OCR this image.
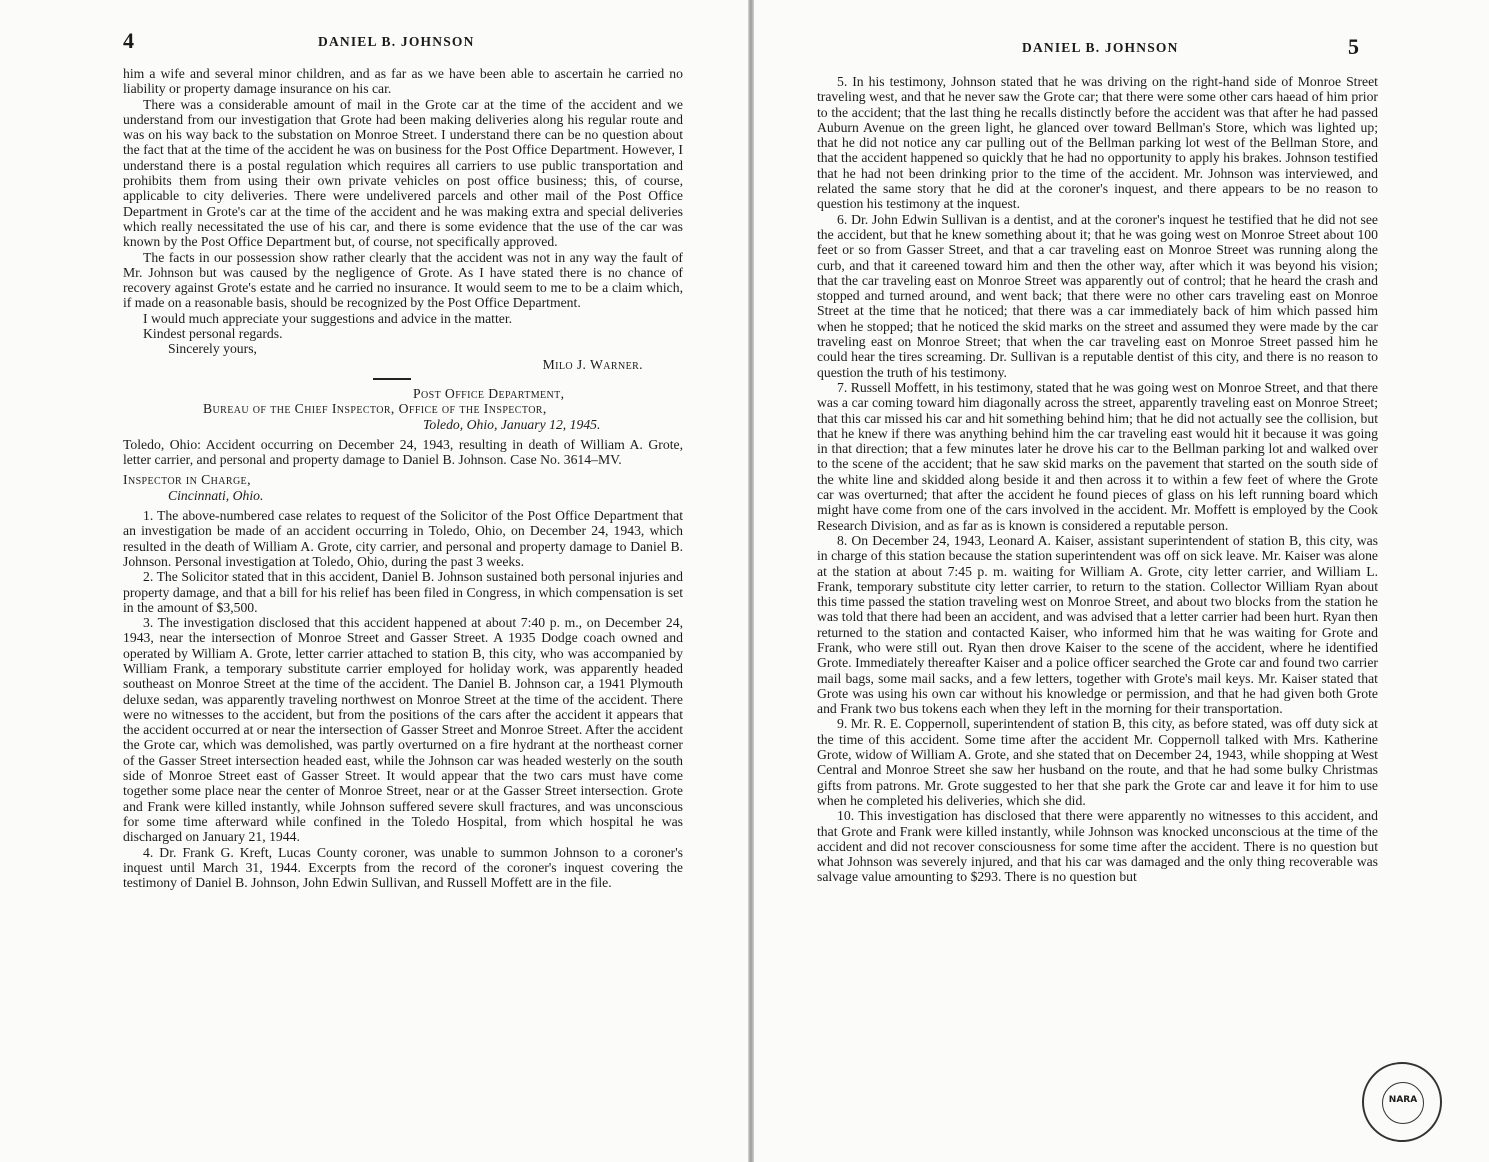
4	DANIEL B. JOHNSON

him a wife and several minor children, and as far as we have been able to ascertain he carried no liability or property damage insurance on his car.

There was a considerable amount of mail in the Grote car at the time of the accident and we understand from our investigation that Grote had been making deliveries along his regular route and was on his way back to the substation on Monroe Street. I understand there can be no question about the fact that at the time of the accident he was on business for the Post Office Department. However, I understand there is a postal regulation which requires all carriers to use public transportation and prohibits them from using their own private vehicles on post office business; this, of course, applicable to city deliveries. There were undelivered parcels and other mail of the Post Office Department in Grote's car at the time of the accident and he was making extra and special deliveries which really necessitated the use of his car, and there is some evidence that the use of the car was known by the Post Office Department but, of course, not specifically approved.

The facts in our possession show rather clearly that the accident was not in any way the fault of Mr. Johnson but was caused by the negligence of Grote. As I have stated there is no chance of recovery against Grote's estate and he carried no insurance. It would seem to me to be a claim which, if made on a reasonable basis, should be recognized by the Post Office Department.

I would much appreciate your suggestions and advice in the matter.

Kindest personal regards.

Sincerely yours,

Milo J. Warner.

Post Office Department,

Bureau of the Chief Inspector, Office of the Inspector,

Toledo, Ohio, January 12, 1945.

Toledo, Ohio: Accident occurring on December 24, 1943, resulting in death of William A. Grote, letter carrier, and personal and property damage to Daniel B. Johnson. Case No. 3614–MV.

Inspector in Charge,

Cincinnati, Ohio.

1. The above-numbered case relates to request of the Solicitor of the Post Office Department that an investigation be made of an accident occurring in Toledo, Ohio, on December 24, 1943, which resulted in the death of William A. Grote, city carrier, and personal and property damage to Daniel B. Johnson. Personal investigation at Toledo, Ohio, during the past 3 weeks.

2. The Solicitor stated that in this accident, Daniel B. Johnson sustained both personal injuries and property damage, and that a bill for his relief has been filed in Congress, in which compensation is set in the amount of $3,500.

3. The investigation disclosed that this accident happened at about 7:40 p. m., on December 24, 1943, near the intersection of Monroe Street and Gasser Street. A 1935 Dodge coach owned and operated by William A. Grote, letter carrier attached to station B, this city, who was accompanied by William Frank, a temporary substitute carrier employed for holiday work, was apparently headed southeast on Monroe Street at the time of the accident. The Daniel B. Johnson car, a 1941 Plymouth deluxe sedan, was apparently traveling northwest on Monroe Street at the time of the accident. There were no witnesses to the accident, but from the positions of the cars after the accident it appears that the accident occurred at or near the intersection of Gasser Street and Monroe Street. After the accident the Grote car, which was demolished, was partly overturned on a fire hydrant at the northeast corner of the Gasser Street intersection headed east, while the Johnson car was headed westerly on the south side of Monroe Street east of Gasser Street. It would appear that the two cars must have come together some place near the center of Monroe Street, near or at the Gasser Street intersection. Grote and Frank were killed instantly, while Johnson suffered severe skull fractures, and was unconscious for some time afterward while confined in the Toledo Hospital, from which hospital he was discharged on January 21, 1944.

4. Dr. Frank G. Kreft, Lucas County coroner, was unable to summon Johnson to a coroner's inquest until March 31, 1944. Excerpts from the record of the coroner's inquest covering the testimony of Daniel B. Johnson, John Edwin Sullivan, and Russell Moffett are in the file.

DANIEL B. JOHNSON	5

5. In his testimony, Johnson stated that he was driving on the right-hand side of Monroe Street traveling west, and that he never saw the Grote car; that there were some other cars haead of him prior to the accident; that the last thing he recalls distinctly before the accident was that after he had passed Auburn Avenue on the green light, he glanced over toward Bellman's Store, which was lighted up; that he did not notice any car pulling out of the Bellman parking lot west of the Bellman Store, and that the accident happened so quickly that he had no opportunity to apply his brakes. Johnson testified that he had not been drinking prior to the time of the accident. Mr. Johnson was interviewed, and related the same story that he did at the coroner's inquest, and there appears to be no reason to question his testimony at the inquest.

6. Dr. John Edwin Sullivan is a dentist, and at the coroner's inquest he testified that he did not see the accident, but that he knew something about it; that he was going west on Monroe Street about 100 feet or so from Gasser Street, and that a car traveling east on Monroe Street was running along the curb, and that it careened toward him and then the other way, after which it was beyond his vision; that the car traveling east on Monroe Street was apparently out of control; that he heard the crash and stopped and turned around, and went back; that there were no other cars traveling east on Monroe Street at the time that he noticed; that there was a car immediately back of him which passed him when he stopped; that he noticed the skid marks on the street and assumed they were made by the car traveling east on Monroe Street; that when the car traveling east on Monroe Street passed him he could hear the tires screaming. Dr. Sullivan is a reputable dentist of this city, and there is no reason to question the truth of his testimony.

7. Russell Moffett, in his testimony, stated that he was going west on Monroe Street, and that there was a car coming toward him diagonally across the street, apparently traveling east on Monroe Street; that this car missed his car and hit something behind him; that he did not actually see the collision, but that he knew if there was anything behind him the car traveling east would hit it because it was going in that direction; that a few minutes later he drove his car to the Bellman parking lot and walked over to the scene of the accident; that he saw skid marks on the pavement that started on the south side of the white line and skidded along beside it and then across it to within a few feet of where the Grote car was overturned; that after the accident he found pieces of glass on his left running board which might have come from one of the cars involved in the accident. Mr. Moffett is employed by the Cook Research Division, and as far as is known is considered a reputable person.

8. On December 24, 1943, Leonard A. Kaiser, assistant superintendent of station B, this city, was in charge of this station because the station superintendent was off on sick leave. Mr. Kaiser was alone at the station at about 7:45 p. m. waiting for William A. Grote, city letter carrier, and William L. Frank, temporary substitute city letter carrier, to return to the station. Collector William Ryan about this time passed the station traveling west on Monroe Street, and about two blocks from the station he was told that there had been an accident, and was advised that a letter carrier had been hurt. Ryan then returned to the station and contacted Kaiser, who informed him that he was waiting for Grote and Frank, who were still out. Ryan then drove Kaiser to the scene of the accident, where he identified Grote. Immediately thereafter Kaiser and a police officer searched the Grote car and found two carrier mail bags, some mail sacks, and a few letters, together with Grote's mail keys. Mr. Kaiser stated that Grote was using his own car without his knowledge or permission, and that he had given both Grote and Frank two bus tokens each when they left in the morning for their transportation.

9. Mr. R. E. Coppernoll, superintendent of station B, this city, as before stated, was off duty sick at the time of this accident. Some time after the accident Mr. Coppernoll talked with Mrs. Katherine Grote, widow of William A. Grote, and she stated that on December 24, 1943, while shopping at West Central and Monroe Street she saw her husband on the route, and that he had some bulky Christmas gifts from patrons. Mr. Grote suggested to her that she park the Grote car and leave it for him to use when he completed his deliveries, which she did.

10. This investigation has disclosed that there were apparently no witnesses to this accident, and that Grote and Frank were killed instantly, while Johnson was knocked unconscious at the time of the accident and did not recover consciousness for some time after the accident. There is no question but what Johnson was severely injured, and that his car was damaged and the only thing recoverable was salvage value amounting to $293. There is no question but

NARA
